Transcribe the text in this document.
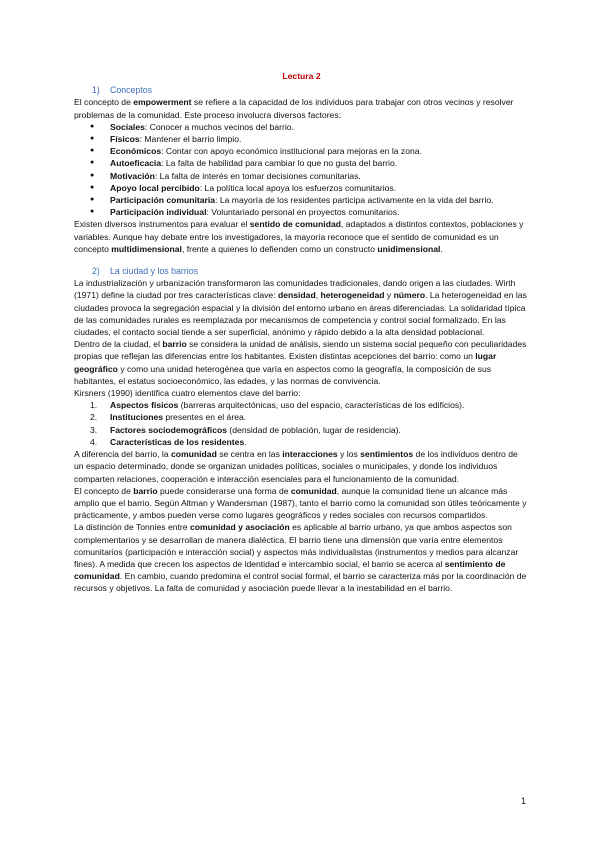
Lectura 2
1) Conceptos

El concepto de empowerment se refiere a la capacidad de los individuos para trabajar con otros vecinos y resolver problemas de la comunidad. Este proceso involucra diversos factores:

● Sociales: Conocer a muchos vecinos del barrio.
● Físicos: Mantener el barrio limpio.
● Económicos: Contar con apoyo económico institucional para mejoras en la zona.
● Autoeficacia: La falta de habilidad para cambiar lo que no gusta del barrio.
● Motivación: La falta de interés en tomar decisiones comunitarias.
● Apoyo local percibido: La política local apoya los esfuerzos comunitarios.
● Participación comunitaria: La mayoría de los residentes participa activamente en la vida del barrio.
● Participación individual: Voluntariado personal en proyectos comunitarios.

Existen diversos instrumentos para evaluar el sentido de comunidad, adaptados a distintos contextos, poblaciones y variables. Aunque hay debate entre los investigadores, la mayoría reconoce que el sentido de comunidad es un concepto multidimensional, frente a quienes lo defienden como un constructo unidimensional.

2) La ciudad y los barrios

La industrialización y urbanización transformaron las comunidades tradicionales, dando origen a las ciudades. Wirth (1971) define la ciudad por tres características clave: densidad, heterogeneidad y número. La heterogeneidad en las ciudades provoca la segregación espacial y la división del entorno urbano en áreas diferenciadas. La solidaridad típica de las comunidades rurales es reemplazada por mecanismos de competencia y control social formalizado. En las ciudades, el contacto social tiende a ser superficial, anónimo y rápido debido a la alta densidad poblacional.

Dentro de la ciudad, el barrio se considera la unidad de análisis, siendo un sistema social pequeño con peculiaridades propias que reflejan las diferencias entre los habitantes. Existen distintas acepciones del barrio: como un lugar geográfico y como una unidad heterogénea que varía en aspectos como la geografía, la composición de sus habitantes, el estatus socioeconómico, las edades, y las normas de convivencia.

Kirsners (1990) identifica cuatro elementos clave del barrio:

1. Aspectos físicos (barreras arquitectónicas, uso del espacio, características de los edificios).
2. Instituciones presentes en el área.
3. Factores sociodemográficos (densidad de población, lugar de residencia).
4. Características de los residentes.

A diferencia del barrio, la comunidad se centra en las interacciones y los sentimientos de los individuos dentro de un espacio determinado, donde se organizan unidades políticas, sociales o municipales, y donde los individuos comparten relaciones, cooperación e interacción esenciales para el funcionamiento de la comunidad.

El concepto de barrio puede considerarse una forma de comunidad, aunque la comunidad tiene un alcance más amplio que el barrio. Según Altman y Wandersman (1987), tanto el barrio como la comunidad son útiles teóricamente y prácticamente, y ambos pueden verse como lugares geográficos y redes sociales con recursos compartidos.

La distinción de Tonnies entre comunidad y asociación es aplicable al barrio urbano, ya que ambos aspectos son complementarios y se desarrollan de manera dialéctica. El barrio tiene una dimensión que varía entre elementos comunitarios (participación e interacción social) y aspectos más individualistas (instrumentos y medios para alcanzar fines). A medida que crecen los aspectos de identidad e intercambio social, el barrio se acerca al sentimiento de comunidad. En cambio, cuando predomina el control social formal, el barrio se caracteriza más por la coordinación de recursos y objetivos. La falta de comunidad y asociación puede llevar a la inestabilidad en el barrio.

1
